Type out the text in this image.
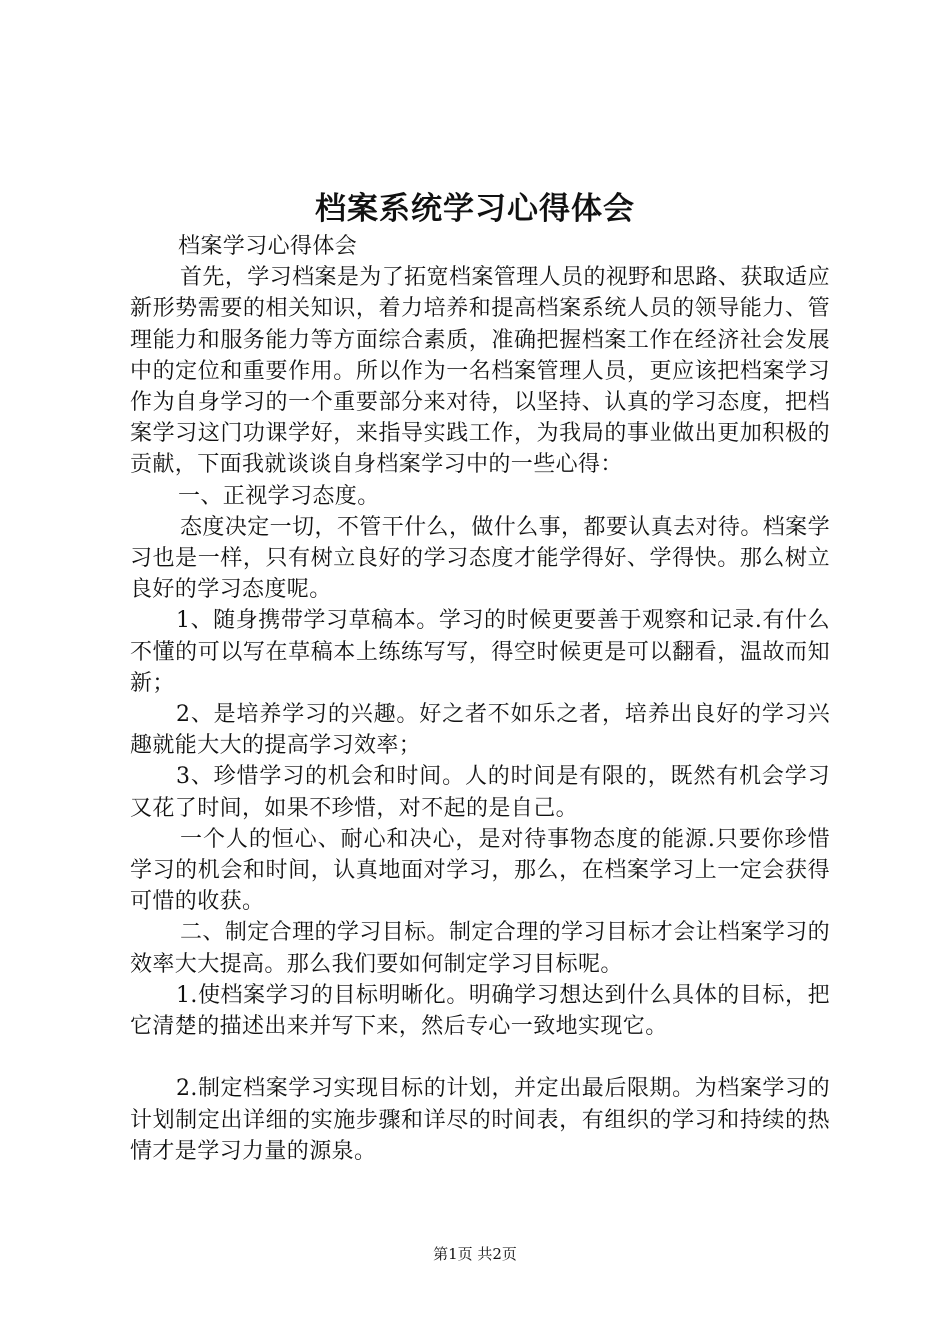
档案系统学习心得体会

档案学习心得体会

首先，学习档案是为了拓宽档案管理人员的视野和思路、获取适应新形势需要的相关知识，着力培养和提高档案系统人员的领导能力、管理能力和服务能力等方面综合素质，准确把握档案工作在经济社会发展中的定位和重要作用。所以作为一名档案管理人员，更应该把档案学习作为自身学习的一个重要部分来对待，以坚持、认真的学习态度，把档案学习这门功课学好，来指导实践工作，为我局的事业做出更加积极的贡献，下面我就谈谈自身档案学习中的一些心得：

一、正视学习态度。

态度决定一切，不管干什么，做什么事，都要认真去对待。档案学习也是一样，只有树立良好的学习态度才能学得好、学得快。那么树立良好的学习态度呢。

1、随身携带学习草稿本。学习的时候更要善于观察和记录.有什么不懂的可以写在草稿本上练练写写，得空时候更是可以翻看，温故而知新；

2、是培养学习的兴趣。好之者不如乐之者，培养出良好的学习兴趣就能大大的提高学习效率；

3、珍惜学习的机会和时间。人的时间是有限的，既然有机会学习又花了时间，如果不珍惜，对不起的是自己。

一个人的恒心、耐心和决心，是对待事物态度的能源.只要你珍惜学习的机会和时间，认真地面对学习，那么，在档案学习上一定会获得可惜的收获。

二、制定合理的学习目标。制定合理的学习目标才会让档案学习的效率大大提高。那么我们要如何制定学习目标呢。

1.使档案学习的目标明晰化。明确学习想达到什么具体的目标，把它清楚的描述出来并写下来，然后专心一致地实现它。

2.制定档案学习实现目标的计划，并定出最后限期。为档案学习的计划制定出详细的实施步骤和详尽的时间表，有组织的学习和持续的热情才是学习力量的源泉。

第1页 共2页
